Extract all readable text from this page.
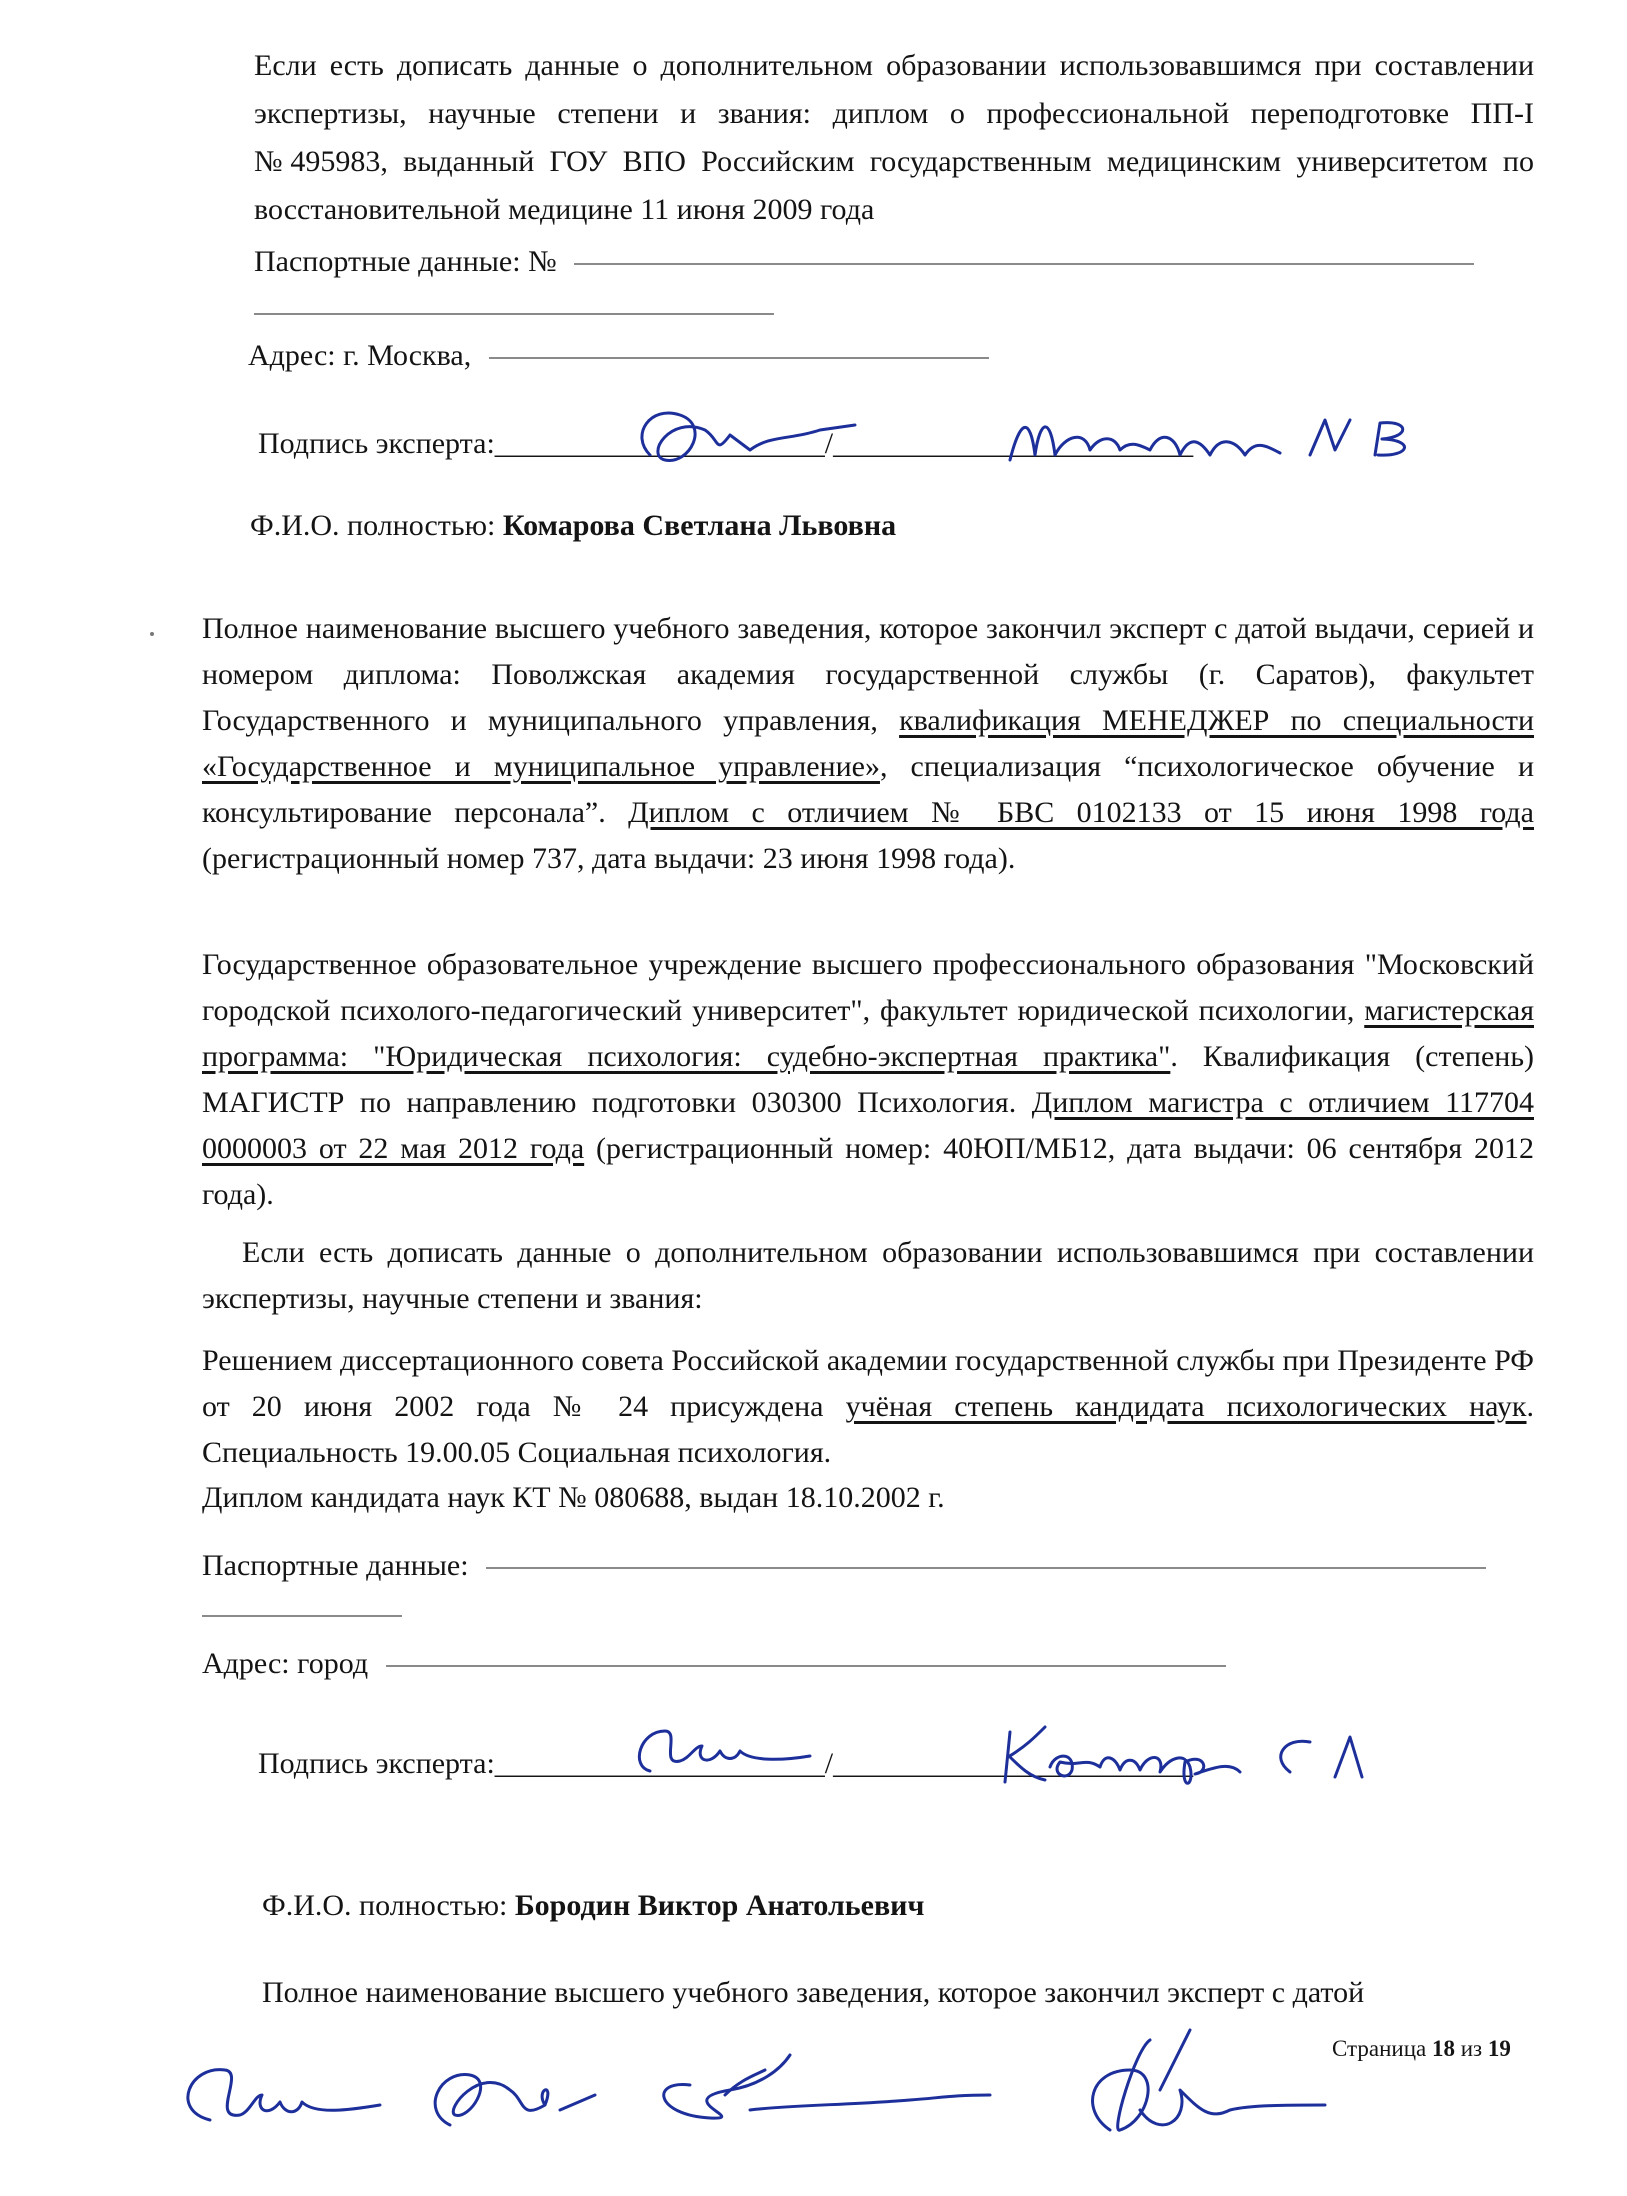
Если есть дописать данные о дополнительном образовании использовавшимся при составлении экспертизы, научные степени и звания: диплом о профессиональной переподготовке ПП-I №495983, выданный ГОУ ВПО Российским государственным медицинским университетом по восстановительной медицине 11 июня 2009 года

Паспортные данные: №
Адрес: г. Москва,
Подпись эксперта:______________________/________________________
Ф.И.О. полностью: Комарова Светлана Львовна

Полное наименование высшего учебного заведения, которое закончил эксперт с датой выдачи, серией и номером диплома: Поволжская академия государственной службы (г. Саратов), факультет Государственного и муниципального управления, квалификация МЕНЕДЖЕР по специальности «Государственное и муниципальное управление», специализация “психологическое обучение и консультирование персонала”. Диплом с отличием № БВС 0102133 от 15 июня 1998 года (регистрационный номер 737, дата выдачи: 23 июня 1998 года).

Государственное образовательное учреждение высшего профессионального образования "Московский городской психолого-педагогический университет", факультет юридической психологии, магистерская программа: "Юридическая психология: судебно-экспертная практика". Квалификация (степень) МАГИСТР по направлению подготовки 030300 Психология. Диплом магистра с отличием 117704 0000003 от 22 мая 2012 года (регистрационный номер: 40ЮП/МБ12, дата выдачи: 06 сентября 2012 года).

Если есть дописать данные о дополнительном образовании использовавшимся при составлении экспертизы, научные степени и звания:

Решением диссертационного совета Российской академии государственной службы при Президенте РФ от 20 июня 2002 года № 24 присуждена учёная степень кандидата психологических наук. Специальность 19.00.05 Социальная психология.

Диплом кандидата наук КТ № 080688, выдан 18.10.2002 г.
Паспортные данные:
Адрес: город
Подпись эксперта:______________________/________________________
Ф.И.О. полностью: Бородин Виктор Анатольевич

Полное наименование высшего учебного заведения, которое закончил эксперт с датой

Страница 18 из 19
